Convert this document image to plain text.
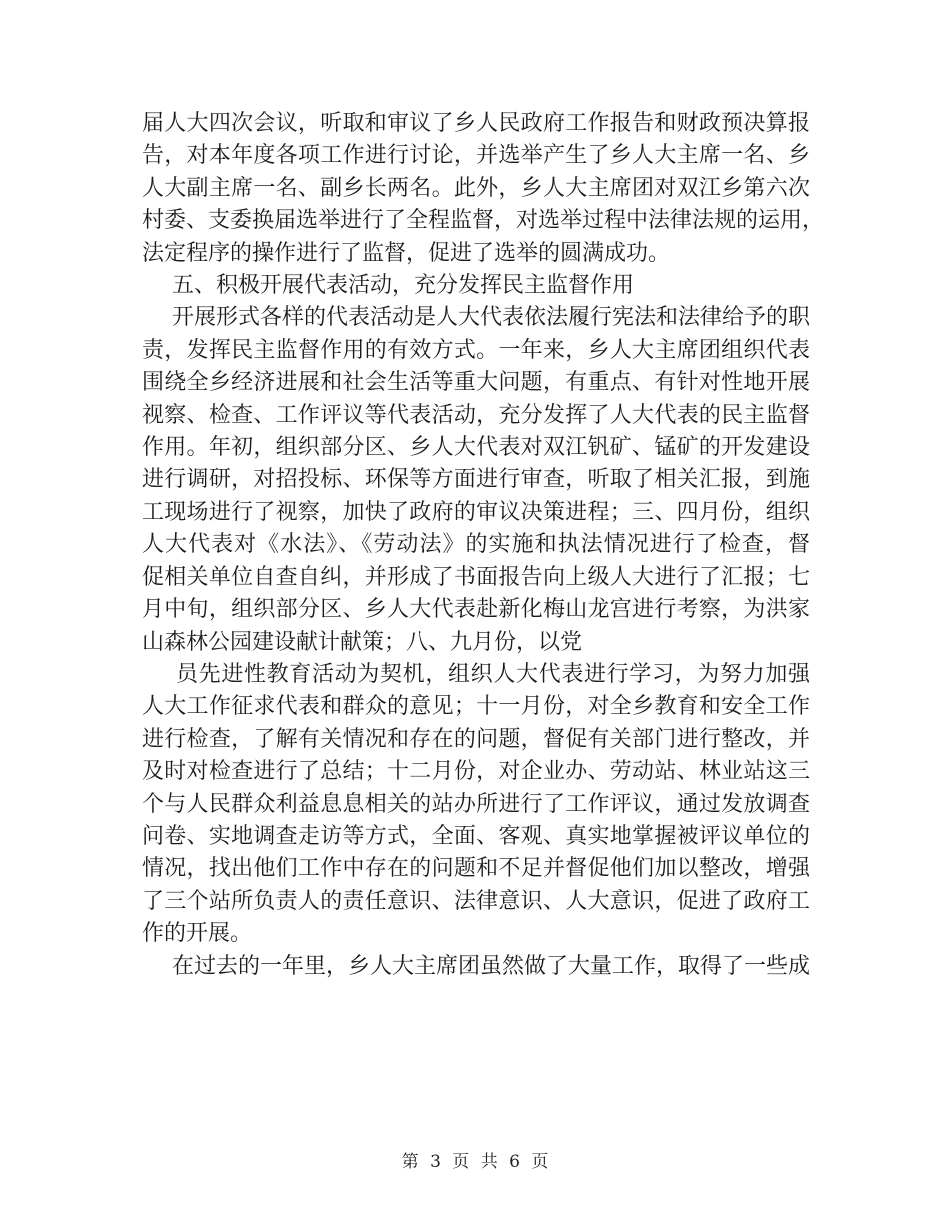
届人大四次会议，听取和审议了乡人民政府工作报告和财政预决算报
告，对本年度各项工作进行讨论，并选举产生了乡人大主席一名、乡
人大副主席一名、副乡长两名。此外，乡人大主席团对双江乡第六次
村委、支委换届选举进行了全程监督，对选举过程中法律法规的运用，
法定程序的操作进行了监督，促进了选举的圆满成功。
五、积极开展代表活动，充分发挥民主监督作用
开展形式各样的代表活动是人大代表依法履行宪法和法律给予的职
责，发挥民主监督作用的有效方式。一年来，乡人大主席团组织代表
围绕全乡经济进展和社会生活等重大问题，有重点、有针对性地开展
视察、检查、工作评议等代表活动，充分发挥了人大代表的民主监督
作用。年初，组织部分区、乡人大代表对双江钒矿、锰矿的开发建设
进行调研，对招投标、环保等方面进行审查，听取了相关汇报，到施
工现场进行了视察，加快了政府的审议决策进程；三、四月份，组织
人大代表对《水法》、《劳动法》的实施和执法情况进行了检查，督
促相关单位自查自纠，并形成了书面报告向上级人大进行了汇报；七
月中旬，组织部分区、乡人大代表赴新化梅山龙宫进行考察，为洪家
山森林公园建设献计献策；八、九月份，以党
员先进性教育活动为契机，组织人大代表进行学习，为努力加强
人大工作征求代表和群众的意见；十一月份，对全乡教育和安全工作
进行检查，了解有关情况和存在的问题，督促有关部门进行整改，并
及时对检查进行了总结；十二月份，对企业办、劳动站、林业站这三
个与人民群众利益息息相关的站办所进行了工作评议，通过发放调查
问卷、实地调查走访等方式，全面、客观、真实地掌握被评议单位的
情况，找出他们工作中存在的问题和不足并督促他们加以整改，增强
了三个站所负责人的责任意识、法律意识、人大意识，促进了政府工
作的开展。
在过去的一年里，乡人大主席团虽然做了大量工作，取得了一些成
第 3 页 共 6 页
